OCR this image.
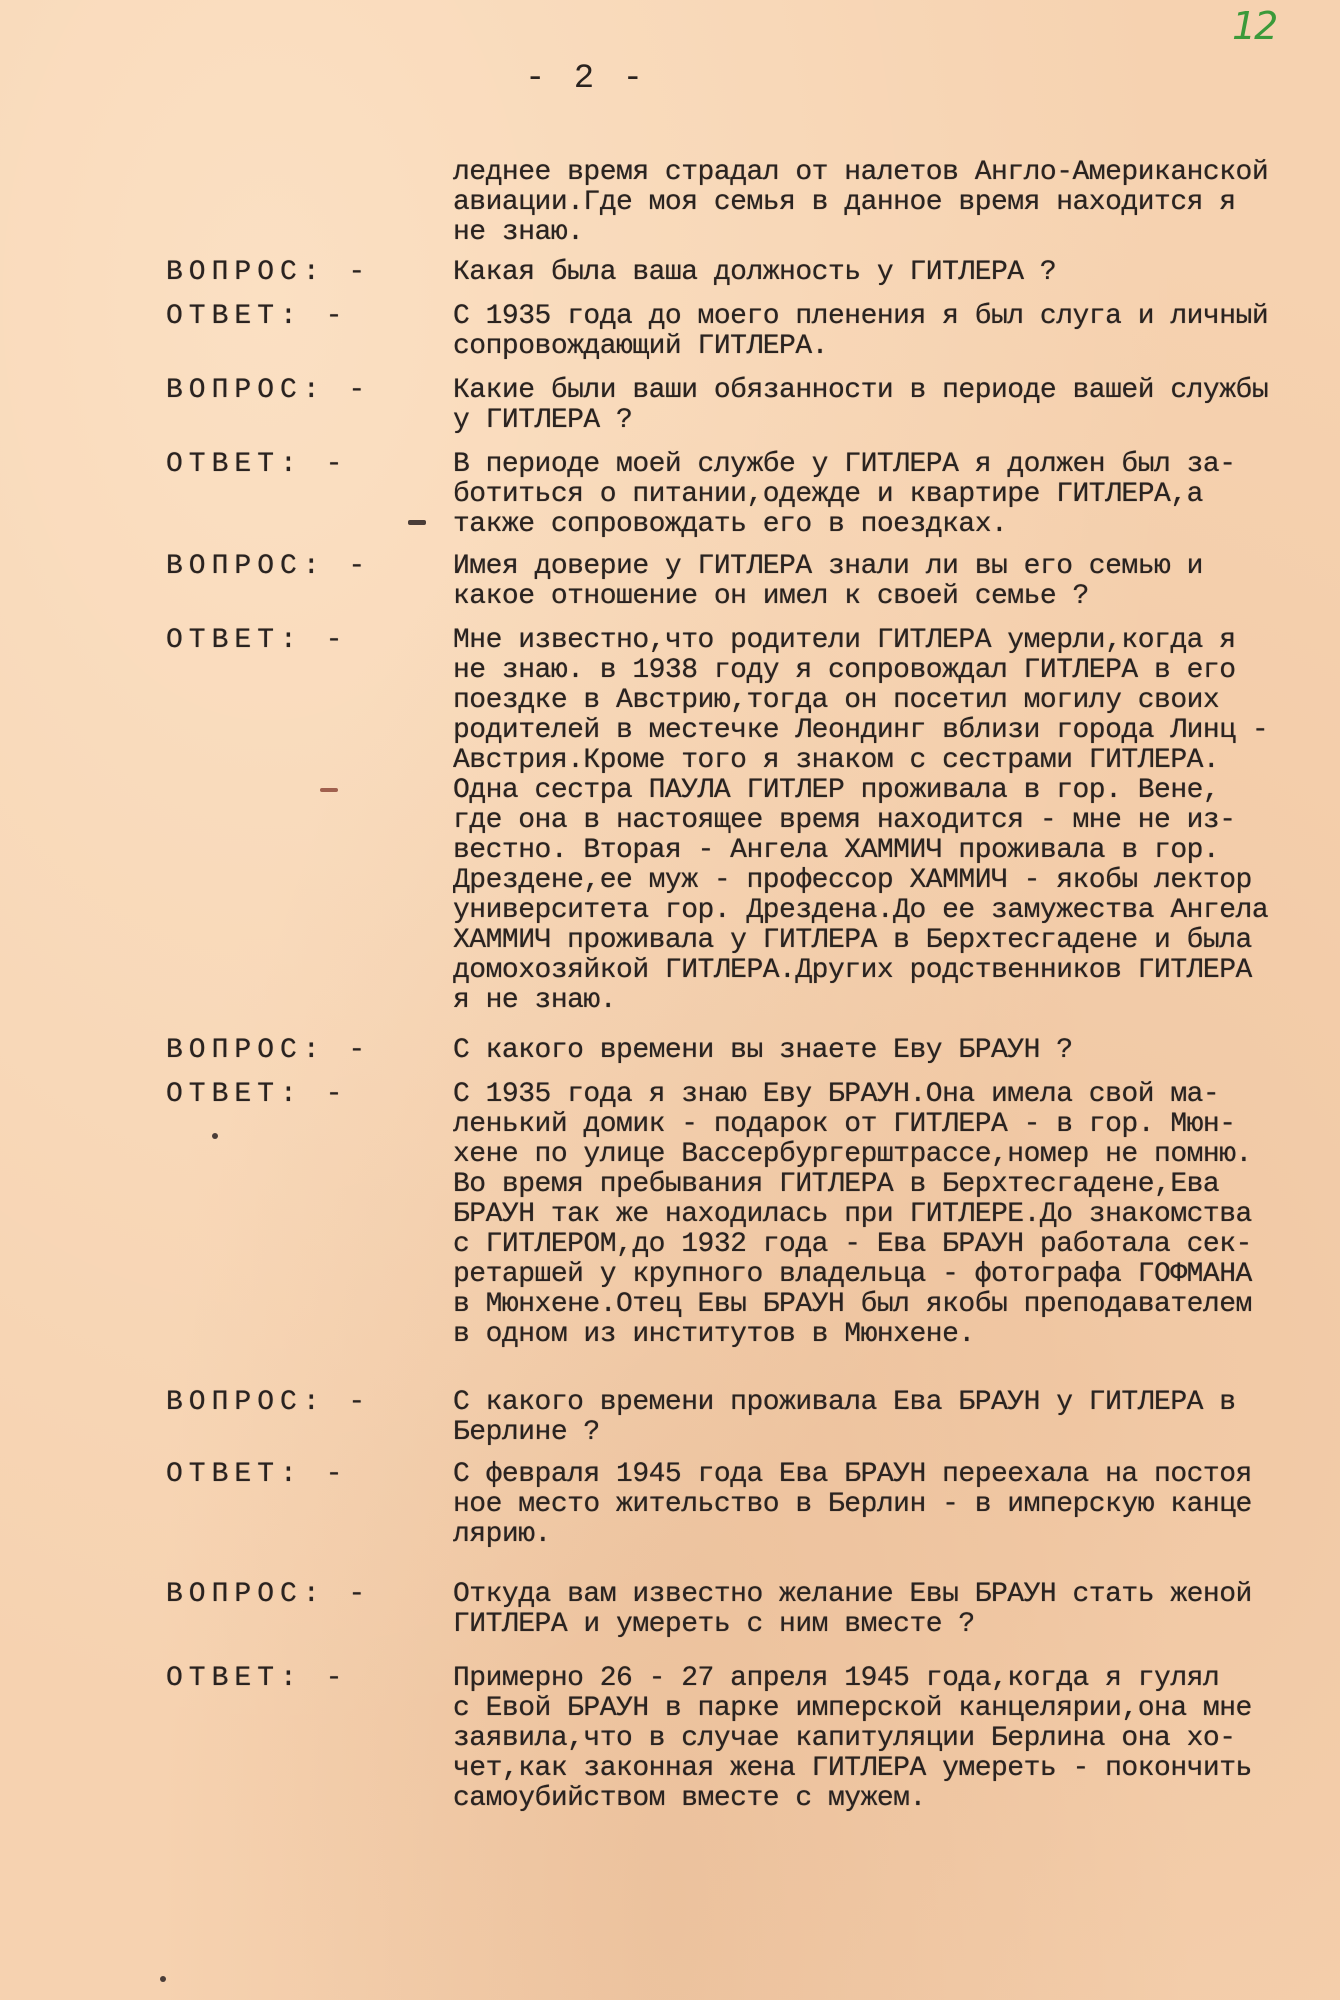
12
- 2 -
леднее время страдал от налетов Англо-Американской
авиации.Где моя семья в данное время находится я
не знаю.
ВОПРОС: -	Какая была ваша должность у ГИТЛЕРА ?
ОТВЕТ: -	С 1935 года до моего пленения я был слуга и личный
сопровождающий ГИТЛЕРА.
ВОПРОС: -	Какие были ваши обязанности в периоде вашей службы
у ГИТЛЕРА ?
ОТВЕТ: -	В периоде моей службе у ГИТЛЕРА я должен был за-
ботиться о питании,одежде и квартире ГИТЛЕРА,а
также сопровождать его в поездках.
ВОПРОС: -	Имея доверие у ГИТЛЕРА знали ли вы его семью и
какое отношение он имел к своей семье ?
ОТВЕТ: -	Мне известно,что родители ГИТЛЕРА умерли,когда я
не знаю. в 1938 году я сопровождал ГИТЛЕРА в его
поездке в Австрию,тогда он посетил могилу своих
родителей в местечке Леондинг вблизи города Линц -
Австрия.Кроме того я знаком с сестрами ГИТЛЕРА.
Одна сестра ПАУЛА ГИТЛЕР проживала в гор. Вене,
где она в настоящее время находится - мне не из-
вестно. Вторая - Ангела ХАММИЧ проживала в гор.
Дрездене,ее муж - профессор ХАММИЧ - якобы лектор
университета гор. Дрездена.До ее замужества Ангела
ХАММИЧ проживала у ГИТЛЕРА в Берхтесгадене и была
домохозяйкой ГИТЛЕРА.Других родственников ГИТЛЕРА
я не знаю.
ВОПРОС: -	С какого времени вы знаете Еву БРАУН ?
ОТВЕТ: -	С 1935 года я знаю Еву БРАУН.Она имела свой ма-
ленький домик - подарок от ГИТЛЕРА - в гор. Мюн-
хене по улице Вассербургерштрассе,номер не помню.
Во время пребывания ГИТЛЕРА в Берхтесгадене,Ева
БРАУН так же находилась при ГИТЛЕРЕ.До знакомства
с ГИТЛЕРОМ,до 1932 года - Ева БРАУН работала сек-
ретаршей у крупного владельца - фотографа ГОФМАНА
в Мюнхене.Отец Евы БРАУН был якобы преподавателем
в одном из институтов в Мюнхене.
ВОПРОС: -	С какого времени проживала Ева БРАУН у ГИТЛЕРА в
Берлине ?
ОТВЕТ: -	С февраля 1945 года Ева БРАУН переехала на постоя
ное место жительство в Берлин - в имперскую канце
лярию.
ВОПРОС: -	Откуда вам известно желание Евы БРАУН стать женой
ГИТЛЕРА и умереть с ним вместе ?
ОТВЕТ: -	Примерно 26 - 27 апреля 1945 года,когда я гулял
с Евой БРАУН в парке имперской канцелярии,она мне
заявила,что в случае капитуляции Берлина она хо-
чет,как законная жена ГИТЛЕРА умереть - покончить
самоубийством вместе с мужем.
